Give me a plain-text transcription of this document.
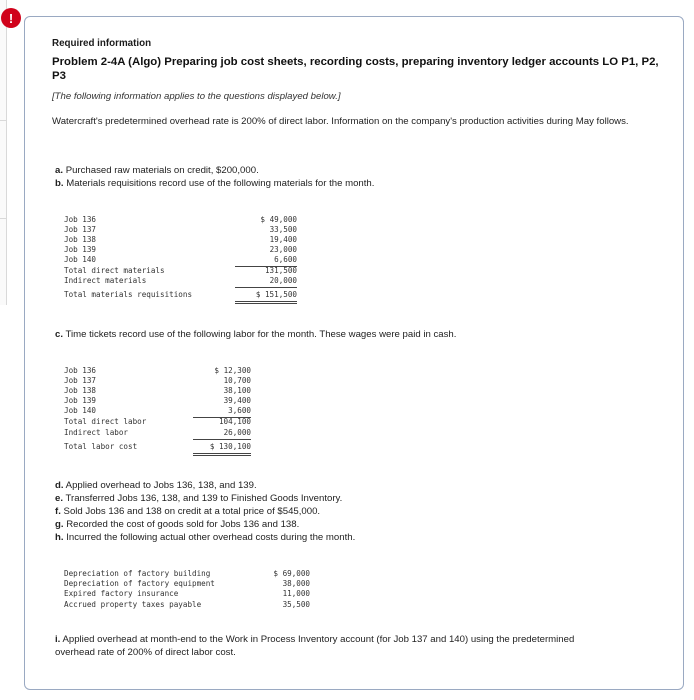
!
Required information
Problem 2-4A (Algo) Preparing job cost sheets, recording costs, preparing inventory ledger accounts LO P1, P2, P3
[The following information applies to the questions displayed below.]
Watercraft's predetermined overhead rate is 200% of direct labor. Information on the company's production activities during May follows.
a. Purchased raw materials on credit, $200,000.
b. Materials requisitions record use of the following materials for the month.
Job 136	$ 49,000
Job 137	33,500
Job 138	19,400
Job 139	23,000
Job 140	6,600
Total direct materials	131,500
Indirect materials	20,000
Total materials requisitions	$ 151,500
c. Time tickets record use of the following labor for the month. These wages were paid in cash.
Job 136	$ 12,300
Job 137	10,700
Job 138	38,100
Job 139	39,400
Job 140	3,600
Total direct labor	104,100
Indirect labor	26,000
Total labor cost	$ 130,100
d. Applied overhead to Jobs 136, 138, and 139.
e. Transferred Jobs 136, 138, and 139 to Finished Goods Inventory.
f. Sold Jobs 136 and 138 on credit at a total price of $545,000.
g. Recorded the cost of goods sold for Jobs 136 and 138.
h. Incurred the following actual other overhead costs during the month.
Depreciation of factory building	$ 69,000
Depreciation of factory equipment	38,000
Expired factory insurance	11,000
Accrued property taxes payable	35,500
i. Applied overhead at month-end to the Work in Process Inventory account (for Job 137 and 140) using the predetermined overhead rate of 200% of direct labor cost.
